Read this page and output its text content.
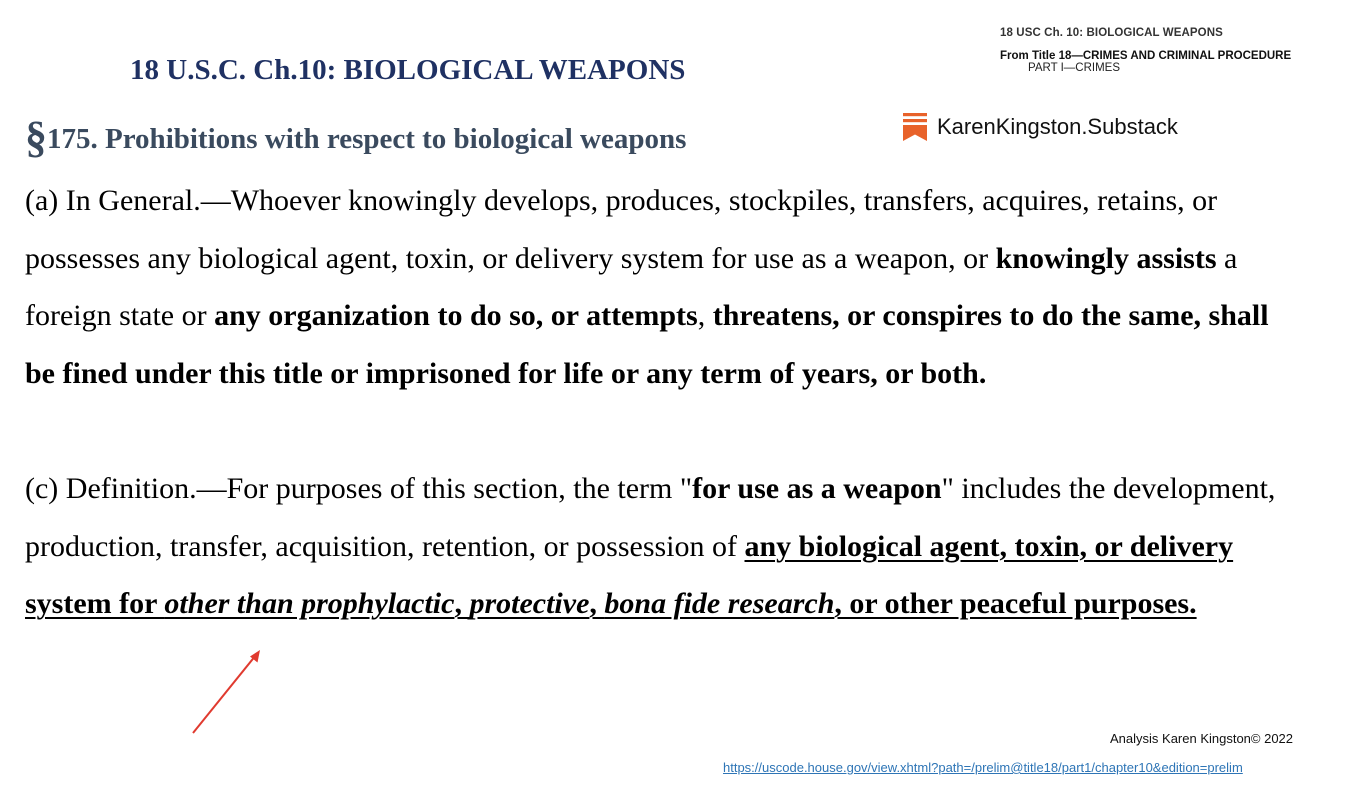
18 USC Ch. 10: BIOLOGICAL WEAPONS
From Title 18—CRIMES AND CRIMINAL PROCEDURE
PART I—CRIMES
18 U.S.C. Ch.10: BIOLOGICAL WEAPONS
KarenKingston.Substack
§175. Prohibitions with respect to biological weapons
(a) In General.—Whoever knowingly develops, produces, stockpiles, transfers, acquires, retains, or
possesses any biological agent, toxin, or delivery system for use as a weapon, or knowingly assists a
foreign state or any organization to do so, or attempts, threatens, or conspires to do the same, shall
be fined under this title or imprisoned for life or any term of years, or both.
(c) Definition.—For purposes of this section, the term "for use as a weapon" includes the development,
production, transfer, acquisition, retention, or possession of any biological agent, toxin, or delivery
system for other than prophylactic, protective, bona fide research, or other peaceful purposes.
Analysis Karen Kingston© 2022
https://uscode.house.gov/view.xhtml?path=/prelim@title18/part1/chapter10&edition=prelim
